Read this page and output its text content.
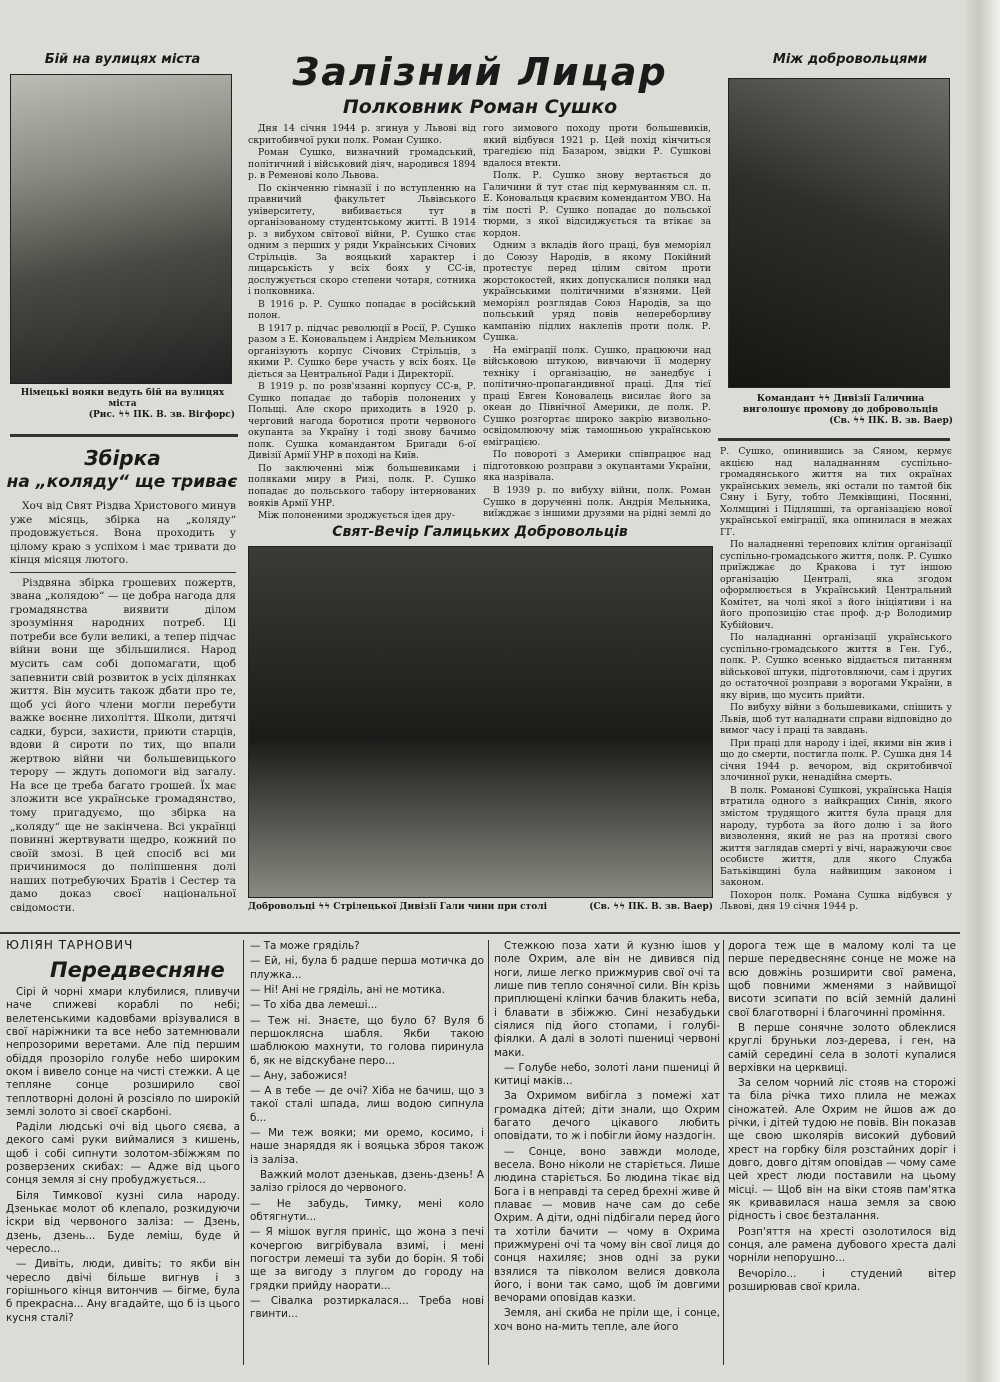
Бій на вулицях міста
Німецькі вояки ведуть бій на вулицях міста
(Рис. ϟϟ ПК. В. зв. Вігфорс)
Залізний Лицар
Полковник Роман Сушко

Дня 14 січня 1944 р. згинув у Львові від скритобивчої руки полк. Роман Сушко.

Роман Сушко, визначний громадський, політичний і військовий діяч, народився 1894 р. в Ременові коло Львова.

По скінченню гімназії і по вступленню на правничий факультет Львівського університету, вибивається тут в організованому студентському житті. В 1914 р. з вибухом світової війни, Р. Сушко стає одним з перших у ряди Українських Січових Стрільців. За вояцький характер і лицарськість у всіх боях у СС-ів, дослужується скоро степени чотаря, сотника і полковника.

В 1916 р. Р. Сушко попадає в російський полон.

В 1917 р. підчас революції в Росії, Р. Сушко разом з Е. Коновальцем і Андрієм Мельником організують корпус Січових Стрільців, з якими Р. Сушко бере участь у всіх боях. Це діється за Центральної Ради і Директорії.

В 1919 р. по розв'язанні корпусу СС-в, Р. Сушко попадає до таборів полонених у Польщі. Але скоро приходить в 1920 р. черговий нагода боротися проти червоного окупанта за Україну і тоді знову бачимо полк. Сушка командантом Бригади 6-ої Дивізії Армії УНР в поході на Київ.

По заключенні між большевиками і поляками миру в Ризі, полк. Р. Сушко попадає до польського табору інтернованих вояків Армії УНР.

Між полоненими зроджується ідея дру-

гого зимового походу проти большевиків, який відбувся 1921 р. Цей похід кінчиться трагедією під Базаром, звідки Р. Сушкові вдалося втекти.

Полк. Р. Сушко знову вертається до Галичини й тут стає під кермуванням сл. п. Е. Коновальця краєвим комендантом УВО. На тім пості Р. Сушко попадає до польської тюрми, з якої відсиджується та втікає за кордон.

Одним з вкладів його праці, був меморіял до Союзу Народів, в якому Покійний протестує перед цілим світом проти жорстокостей, яких допускалися поляки над українськими політичними в'язнями. Цей меморіял розглядав Союз Народів, за що польський уряд повів непереборливу кампанію підлих наклепів проти полк. Р. Сушка.

На еміграції полк. Сушко, працюючи над військовою штукою, вивчаючи її модерну техніку і організацію, не занедбує і політично-пропагандивної праці. Для тієї праці Евген Коновалець висилає його за океан до Північної Америки, де полк. Р. Сушко розгортає широко закрію визвольно-освідомлюючу між тамошньою українською еміграцією.

По повороті з Америки співпрацює над підготовкою розправи з окупантами України, яка назрівала.

В 1939 р. по вибуху війни, полк. Роман Сушко в дорученні полк. Андрія Мельника, виїжджає з іншими друзями на рідні землі до

Між добровольцями
Командант ϟϟ Дивізії Галичина виголошує промову до добровольців
(Св. ϟϟ ПК. В. зв. Ваер)
Збірка
на „коляду“ ще триває

Хоч від Свят Різдва Христового минув уже місяць, збірка на „коляду“ продовжується. Вона проходить у цілому краю з успіхом і має тривати до кінця місяця лютого.

Різдвяна збірка грошевих пожертв, звана „колядою“ — це добра нагода для громадянства виявити ділом зрозуміння народних потреб. Ці потреби все були великі, а тепер підчас війни вони ще збільшилися. Народ мусить сам собі допомагати, щоб запевнити свій розвиток в усіх ділянках життя. Він мусить також дбати про те, щоб усі його члени могли перебути важке воєнне лихоліття. Школи, дитячі садки, бурси, захисти, приюти старців, вдови й сироти по тих, що впали жертвою війни чи большевицького терору — ждуть допомоги від загалу. На все це треба багато грошей. Їх має зложити все українське громадянство, тому пригадуємо, що збірка на „коляду“ ще не закінчена. Всі українці повинні жертвувати щедро, кожний по своїй змозі. В цей спосіб всі ми причинимося до поліпшення долі наших потребуючих Братів і Сестер та дамо доказ своєї національної свідомости.

Свят-Вечір Галицьких Добровольців
Добровольці ϟϟ Стрілецької Дивізії Гали чини при столі	(Св. ϟϟ ПК. В. зв. Ваер)

Р. Сушко, опинившись за Сяном, кермує акцією над наладнанням суспільно-громадянського життя на тих окраїнах українських земель, які остали по тамтой бік Сяну і Бугу, тобто Лемківщині, Посянні, Холмщині і Підляшші, та організацією нової української еміграції, яка опинилася в межах ГГ.

По наладненні терепових клітин організації суспільно-громадського життя, полк. Р. Сушко приїжджає до Кракова і тут іншою організацію Централі, яка згодом оформлюється в Український Центральний Комітет, на чолі якої з його ініціятиви і на його пропозицію стає проф. д-р Володимир Кубійович.

По наладнанні організації українського суспільно-громадського життя в Ген. Губ., полк. Р. Сушко всенько віддається питанням військової штуки, підготовляючи, сам і других до остаточної розправи з ворогами України, в яку вірив, що мусить прийти.

По вибуху війни з большевиками, спішить у Львів, щоб тут наладнати справи відповідно до вимог часу і праці та завдань.

При праці для народу і ідеї, якими він жив і що до смерти, постигла полк. Р. Сушка дня 14 січня 1944 р. вечором, від скритобивчої злочинної руки, ненадійна смерть.

В полк. Романові Сушкові, українська Нація втратила одного з найкращих Синів, якого змістом трудящого життя була праця для народу, турбота за його долю і за його визволення, який не раз на протязі свого життя заглядав смерті у вічі, наражуючи своє особисте життя, для якого Служба Батьківщині була найвищим законом і законом.

Похорон полк. Романа Сушка відбувся у Львові, дня 19 січня 1944 р.

ЮЛІЯН ТАРНОВИЧ
Передвесняне

Сірі й чорні хмари клубилися, пливучи наче спижеві кораблі по небі; велетенськими кадовбами врізувалися в свої наріжники та все небо затемнювали непрозорими веретами. Але під першим обіддя прозоріло голубе небо широким оком і вивело сонце на чисті стежки. А це тепляне сонце розширило свої теплотворні долоні й розсіяло по широкій землі золото зі своєї скарбоні.

Раділи людські очі від цього сяєва, а декого самі руки виймалися з кишень, щоб і собі сипнути золотом-збіжжям по розверзених скибах: — Адже від цього сонця земля зі сну пробуджується...

Біля Тимкової кузні сила народу. Дзенькає молот об клепало, розкидуючи іскри від червоного заліза: — Дзень, дзень, дзень... Буде леміш, буде й чересло...

— Дивіть, люди, дивіть; то якби він чересло двічі більше вигнув і з горішнього кінця витончив — бігме, була б прекрасна... Ану вгадайте, що б із цього кусня сталі?

— Та може гряділь?

— Ей, ні, була б радше перша мотичка до плужка...

— Ні! Ані не гряділь, ані не мотика.

— То хіба два лемеші...

— Теж ні. Знаєте, що було б? Вуля б першоклясна шабля. Якби такою шаблюкою махнути, то голова пиринула б, як не відскубане перо...

— Ану, забожися!

— А в тебе — де очі? Хіба не бачиш, що з такої сталі шпада, лиш водою сипнула б...

— Ми теж вояки; ми оремо, косимо, і наше знаряддя як і вояцька зброя також із заліза.

Важкий молот дзенькав, дзень-дзень! А залізо грілося до червоного.

— Не забудь, Тимку, мені коло обтягнути...

— Я мішок вугля приніс, що жона з печі кочергою вигрібувала взимі, і мені погостри лемеші та зуби до борін. Я тобі ще за вигоду з плугом до городу на грядки прийду наорати...

— Сівалка розтиркалася... Треба нові гвинти...

Стежкою поза хати й кузню ішов у поле Охрим, але він не дивився під ноги, лише легко прижмурив свої очі та лише пив тепло сонячної сили. Він крізь приплющені кліпки бачив блакить неба, і блавати в збіжжю. Сині незабудьки сіялися під його стопами, і голубі-фіялки. А далі в золоті пшениці червоні маки.

— Голубе небо, золоті лани пшениці й китиці маків...

За Охримом вибігла з помежі хат громадка дітей; діти знали, що Охрим багато дечого цікавого любить оповідати, то ж і побігли йому наздогін.

— Сонце, воно завжди молоде, весела. Воно ніколи не старіється. Лише людина старіється. Бо людина тікає від Бога і в неправді та серед брехні живе й плаває — мовив наче сам до себе Охрим. А діти, одні підбігали перед його та хотіли бачити — чому в Охрима прижмурені очі та чому він свої лиця до сонця нахиляє; знов одні за руки взялися та півколом велися довкола його, і вони так само, щоб їм довгими вечорами оповідав казки.

Земля, ані скиба не пріли ще, і сонце, хоч воно на-мить тепле, але його

дорога теж ще в малому колі та це перше передвеснянє сонце не може на всю довжінь розширити свої рамена, щоб повними жменями з найвищої висоти зсипати по всій земній далині свої благотворні і благочинні проміння.

В перше сонячне золото облеклися круглі бруньки лоз-дерева, і ген, на самій середині села в золоті купалися верхівки на церквиці.

За селом чорний ліс стояв на сторожі та біла річка тихо плила не межах сіножатей. Але Охрим не йшов аж до річки, і дітей тудою не повів. Він показав ще свою школярів високий дубовий хрест на горбку біля розстайних доріг і довго, довго дітям оповідав — чому саме цей хрест люди поставили на цьому місці. — Щоб він на віки стояв пам'ятка як кривавилася наша земля за свою рідность і своє безталання.

Розп'яття на хресті озолотилося від сонця, але рамена дубового хреста далі чорніли непорушно...

Вечоріло... і студений вітер розширював свої крила.
